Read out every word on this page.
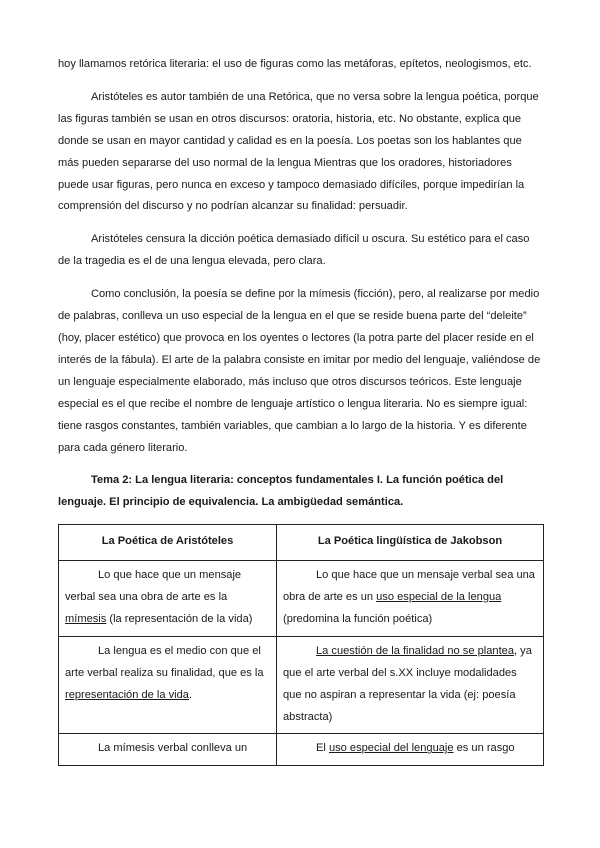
hoy llamamos retórica literaria: el uso de figuras como las metáforas, epítetos, neologismos, etc.

Aristóteles es autor también de una Retórica, que no versa sobre la lengua poética, porque las figuras también se usan en otros discursos: oratoria, historia, etc. No obstante, explica que donde se usan en mayor cantidad y calidad es en la poesía. Los poetas son los hablantes que más pueden separarse del uso normal de la lengua Mientras que los oradores, historiadores puede usar figuras, pero nunca en exceso y tampoco demasiado difíciles, porque impedirían la comprensión del discurso y no podrían alcanzar su finalidad: persuadir.

Aristóteles censura la dicción poética demasiado difícil u oscura. Su estético para el caso de la tragedia es el de una lengua elevada, pero clara.

Como conclusión, la poesía se define por la mímesis (ficción), pero, al realizarse por medio de palabras, conlleva un uso especial de la lengua en el que se reside buena parte del “deleite” (hoy, placer estético) que provoca en los oyentes o lectores (la potra parte del placer reside en el interés de la fábula). El arte de la palabra consiste en imitar por medio del lenguaje, valiéndose de un lenguaje especialmente elaborado, más incluso que otros discursos teóricos. Este lenguaje especial es el que recibe el nombre de lenguaje artístico o lengua literaria. No es siempre igual: tiene rasgos constantes, también variables, que cambian a lo largo de la historia. Y es diferente para cada género literario.

Tema 2: La lengua literaria: conceptos fundamentales I. La función poética del lenguaje. El principio de equivalencia. La ambigüedad semántica.

La Poética de Aristóteles	La Poética lingüística de Jakobson

Lo que hace que un mensaje verbal sea una obra de arte es la mímesis (la representación de la vida)	Lo que hace que un mensaje verbal sea una obra de arte es un uso especial de la lengua (predomina la función poética)

La lengua es el medio con que el arte verbal realiza su finalidad, que es la representación de la vida.	La cuestión de la finalidad no se plantea, ya que el arte verbal del s.XX incluye modalidades que no aspiran a representar la vida (ej: poesía abstracta)

La mímesis verbal conlleva un	El uso especial del lenguaje es un rasgo
